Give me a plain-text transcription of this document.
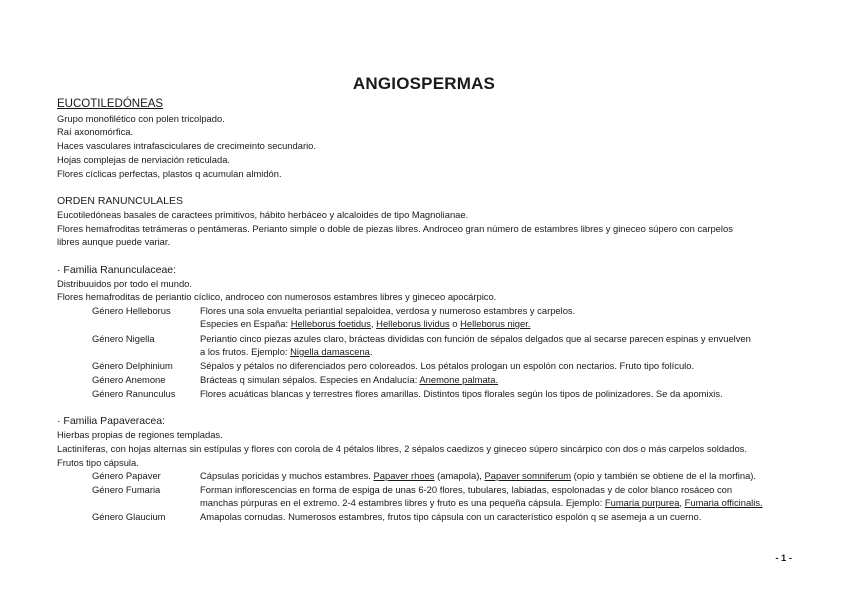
ANGIOSPERMAS
EUCOTILEDÓNEAS
Grupo monofilético con polen tricolpado.
Raí axonomórfica.
Haces vasculares intrafasciculares de crecimeinto secundario.
Hojas complejas de nerviación reticulada.
Flores cíclicas perfectas, plastos q acumulan almidón.
ORDEN RANUNCULALES
Eucotiledóneas basales de caractees primitivos, hábito herbáceo y alcaloides de tipo Magnolianae.
Flores hemafroditas tetrámeras o pentámeras. Perianto simple o doble de piezas libres. Androceo gran número de estambres libres y gineceo súpero con carpelos
libres aunque puede variar.
· Familia Ranunculaceae:
Distribuuidos por todo el mundo.
Flores hemafroditas de periantio cíclico, androceo con numerosos estambres libres y gineceo apocárpico.
Género Helleborus	Flores una sola envuelta periantial sepaloidea, verdosa y numeroso estambres y carpelos.
Especies en España: Helleborus foetidus, Helleborus lividus o Helleborus niger.
Género Nigella	Periantio cinco piezas azules claro, brácteas divididas con función de sépalos delgados que al secarse parecen espinas y envuelven
a los frutos. Ejemplo: Nigella damascena.
Género Delphinium	Sépalos y pétalos no diferenciados pero coloreados. Los pétalos prologan un espolón con nectarios. Fruto tipo folículo.
Género Anemone	Brácteas q simulan sépalos. Especies en Andalucía: Anemone palmata.
Género Ranunculus	Flores acuáticas blancas y terrestres flores amarillas. Distintos tipos florales según los tipos de polinizadores. Se da apomixis.
· Familia Papaveracea:
Hierbas propias de regiones templadas.
Lactiníferas, con hojas alternas sin estípulas y flores con corola de 4 pétalos libres, 2 sépalos caedizos y gineceo súpero sincárpico con dos o más carpelos soldados.
Frutos tipo cápsula.
Género Papaver	Cápsulas poricidas y muchos estambres. Papaver rhoes (amapola), Papaver somniferum (opio y también se obtiene de el la morfina).
Género Fumaria	Forman inflorescencias en forma de espiga de unas 6-20 flores, tubulares, labiadas, espolonadas y de color blanco rosáceo con
manchas púrpuras en el extremo. 2-4 estambres libres y fruto es una pequeña cápsula. Ejemplo: Fumaria purpurea, Fumaria officinalis.
Género Glaucium	Amapolas cornudas. Numerosos estambres, frutos tipo cápsula con un característico espolón q se asemeja a un cuerno.
- 1 -
